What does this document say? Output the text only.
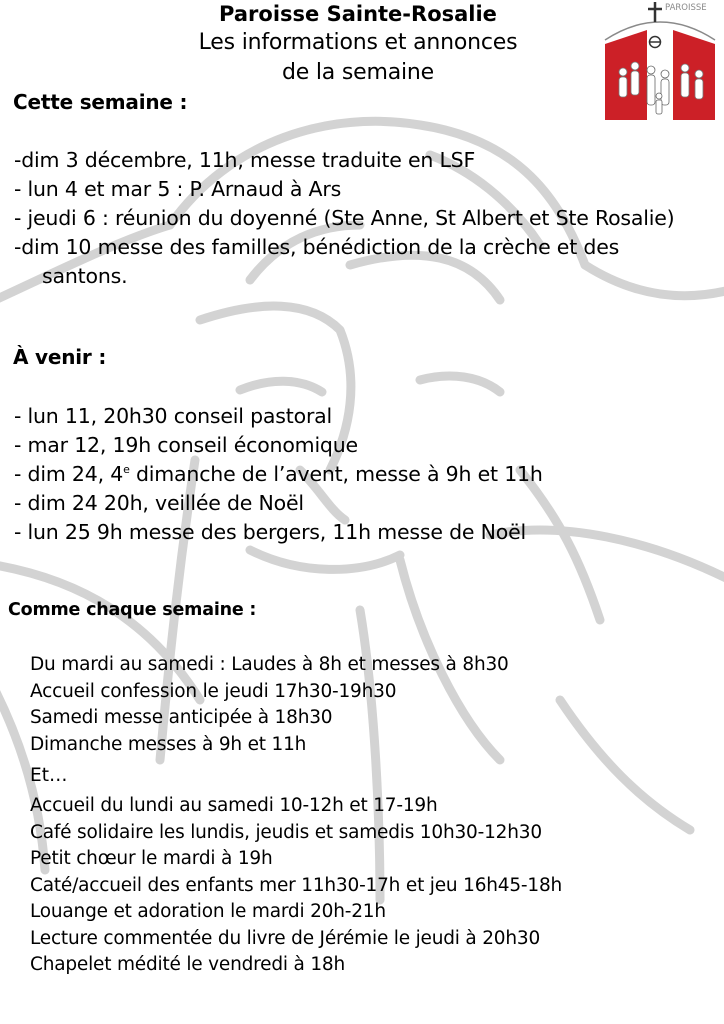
Paroisse Sainte-Rosalie
Les informations et annonces
de la semaine
PAROISSE
Cette semaine :
-dim 3 décembre, 11h, messe traduite en LSF
- lun 4 et mar 5 : P. Arnaud à Ars
- jeudi 6 : réunion du doyenné (Ste Anne, St Albert et Ste Rosalie)
-dim 10 messe des familles, bénédiction de la crèche et des santons.
À venir :
- lun 11, 20h30 conseil pastoral
- mar 12, 19h conseil économique
- dim 24, 4e dimanche de l’avent, messe à 9h et 11h
- dim 24 20h, veillée de Noël
- lun 25 9h messe des bergers, 11h messe de Noël
Comme chaque semaine :
Du mardi au samedi : Laudes à 8h et messes à 8h30
Accueil confession le jeudi 17h30-19h30
Samedi messe anticipée à 18h30
Dimanche messes à 9h et 11h
Et…
Accueil du lundi au samedi 10-12h et 17-19h
Café solidaire les lundis, jeudis et samedis 10h30-12h30
Petit chœur le mardi à 19h
Caté/accueil des enfants mer 11h30-17h et jeu 16h45-18h
Louange et adoration le mardi 20h-21h
Lecture commentée du livre de Jérémie le jeudi à 20h30
Chapelet médité le vendredi à 18h
